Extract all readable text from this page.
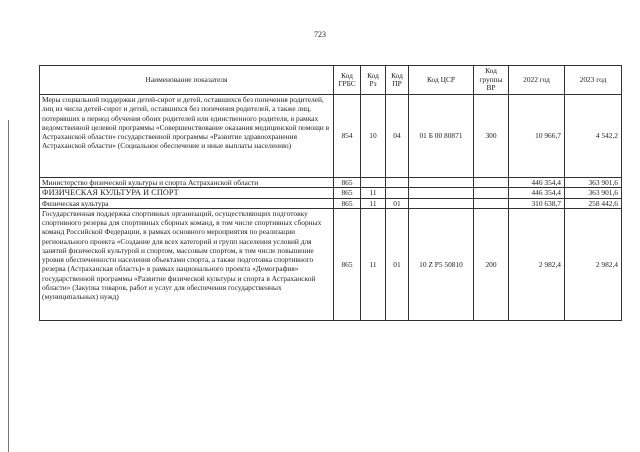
723
Наименование показателя	Код ГРБС	Код Рз	Код ПР	Код ЦСР	Код группы ВР	2022 год	2023 год
Меры социальной поддержки детей-сирот и детей, оставшихся без попечения родителей, лиц из числа детей-сирот и детей, оставшихся без попечения родителей, а также лиц, потерявших в период обучения обоих родителей или единственного родителя, в рамках ведомственной целевой программы «Совершенствование оказания медицинской помощи в Астраханской области» государственной программы «Развитие здравоохранения Астраханской области» (Социальное обеспечение и иные выплаты населению)	854	10	04	01 Б 00 80871	300	10 966,7	4 542,2
Министерство физической культуры и спорта Астраханской области	865					446 354,4	363 901,6
ФИЗИЧЕСКАЯ КУЛЬТУРА И СПОРТ	865	11				446 354,4	363 901,6
Физическая культура	865	11	01			310 638,7	258 442,6
Государственная поддержка спортивных организаций, осуществляющих подготовку спортивного резерва для спортивных сборных команд, в том числе спортивных сборных команд Российской Федерации, в рамках основного мероприятия по реализации регионального проекта «Создание для всех категорий и групп населения условий для занятий физической культурой и спортом, массовым спортом, в том числе повышение уровня обеспеченности населения объектами спорта, а также подготовка спортивного резерва (Астраханская область)» в рамках национального проекта «Демография» государственной программы «Развитие физической культуры и спорта в Астраханской области» (Закупка товаров, работ и услуг для обеспечения государственных (муниципальных) нужд)	865	11	01	10 Z P5 50810	200	2 982,4	2 982,4
